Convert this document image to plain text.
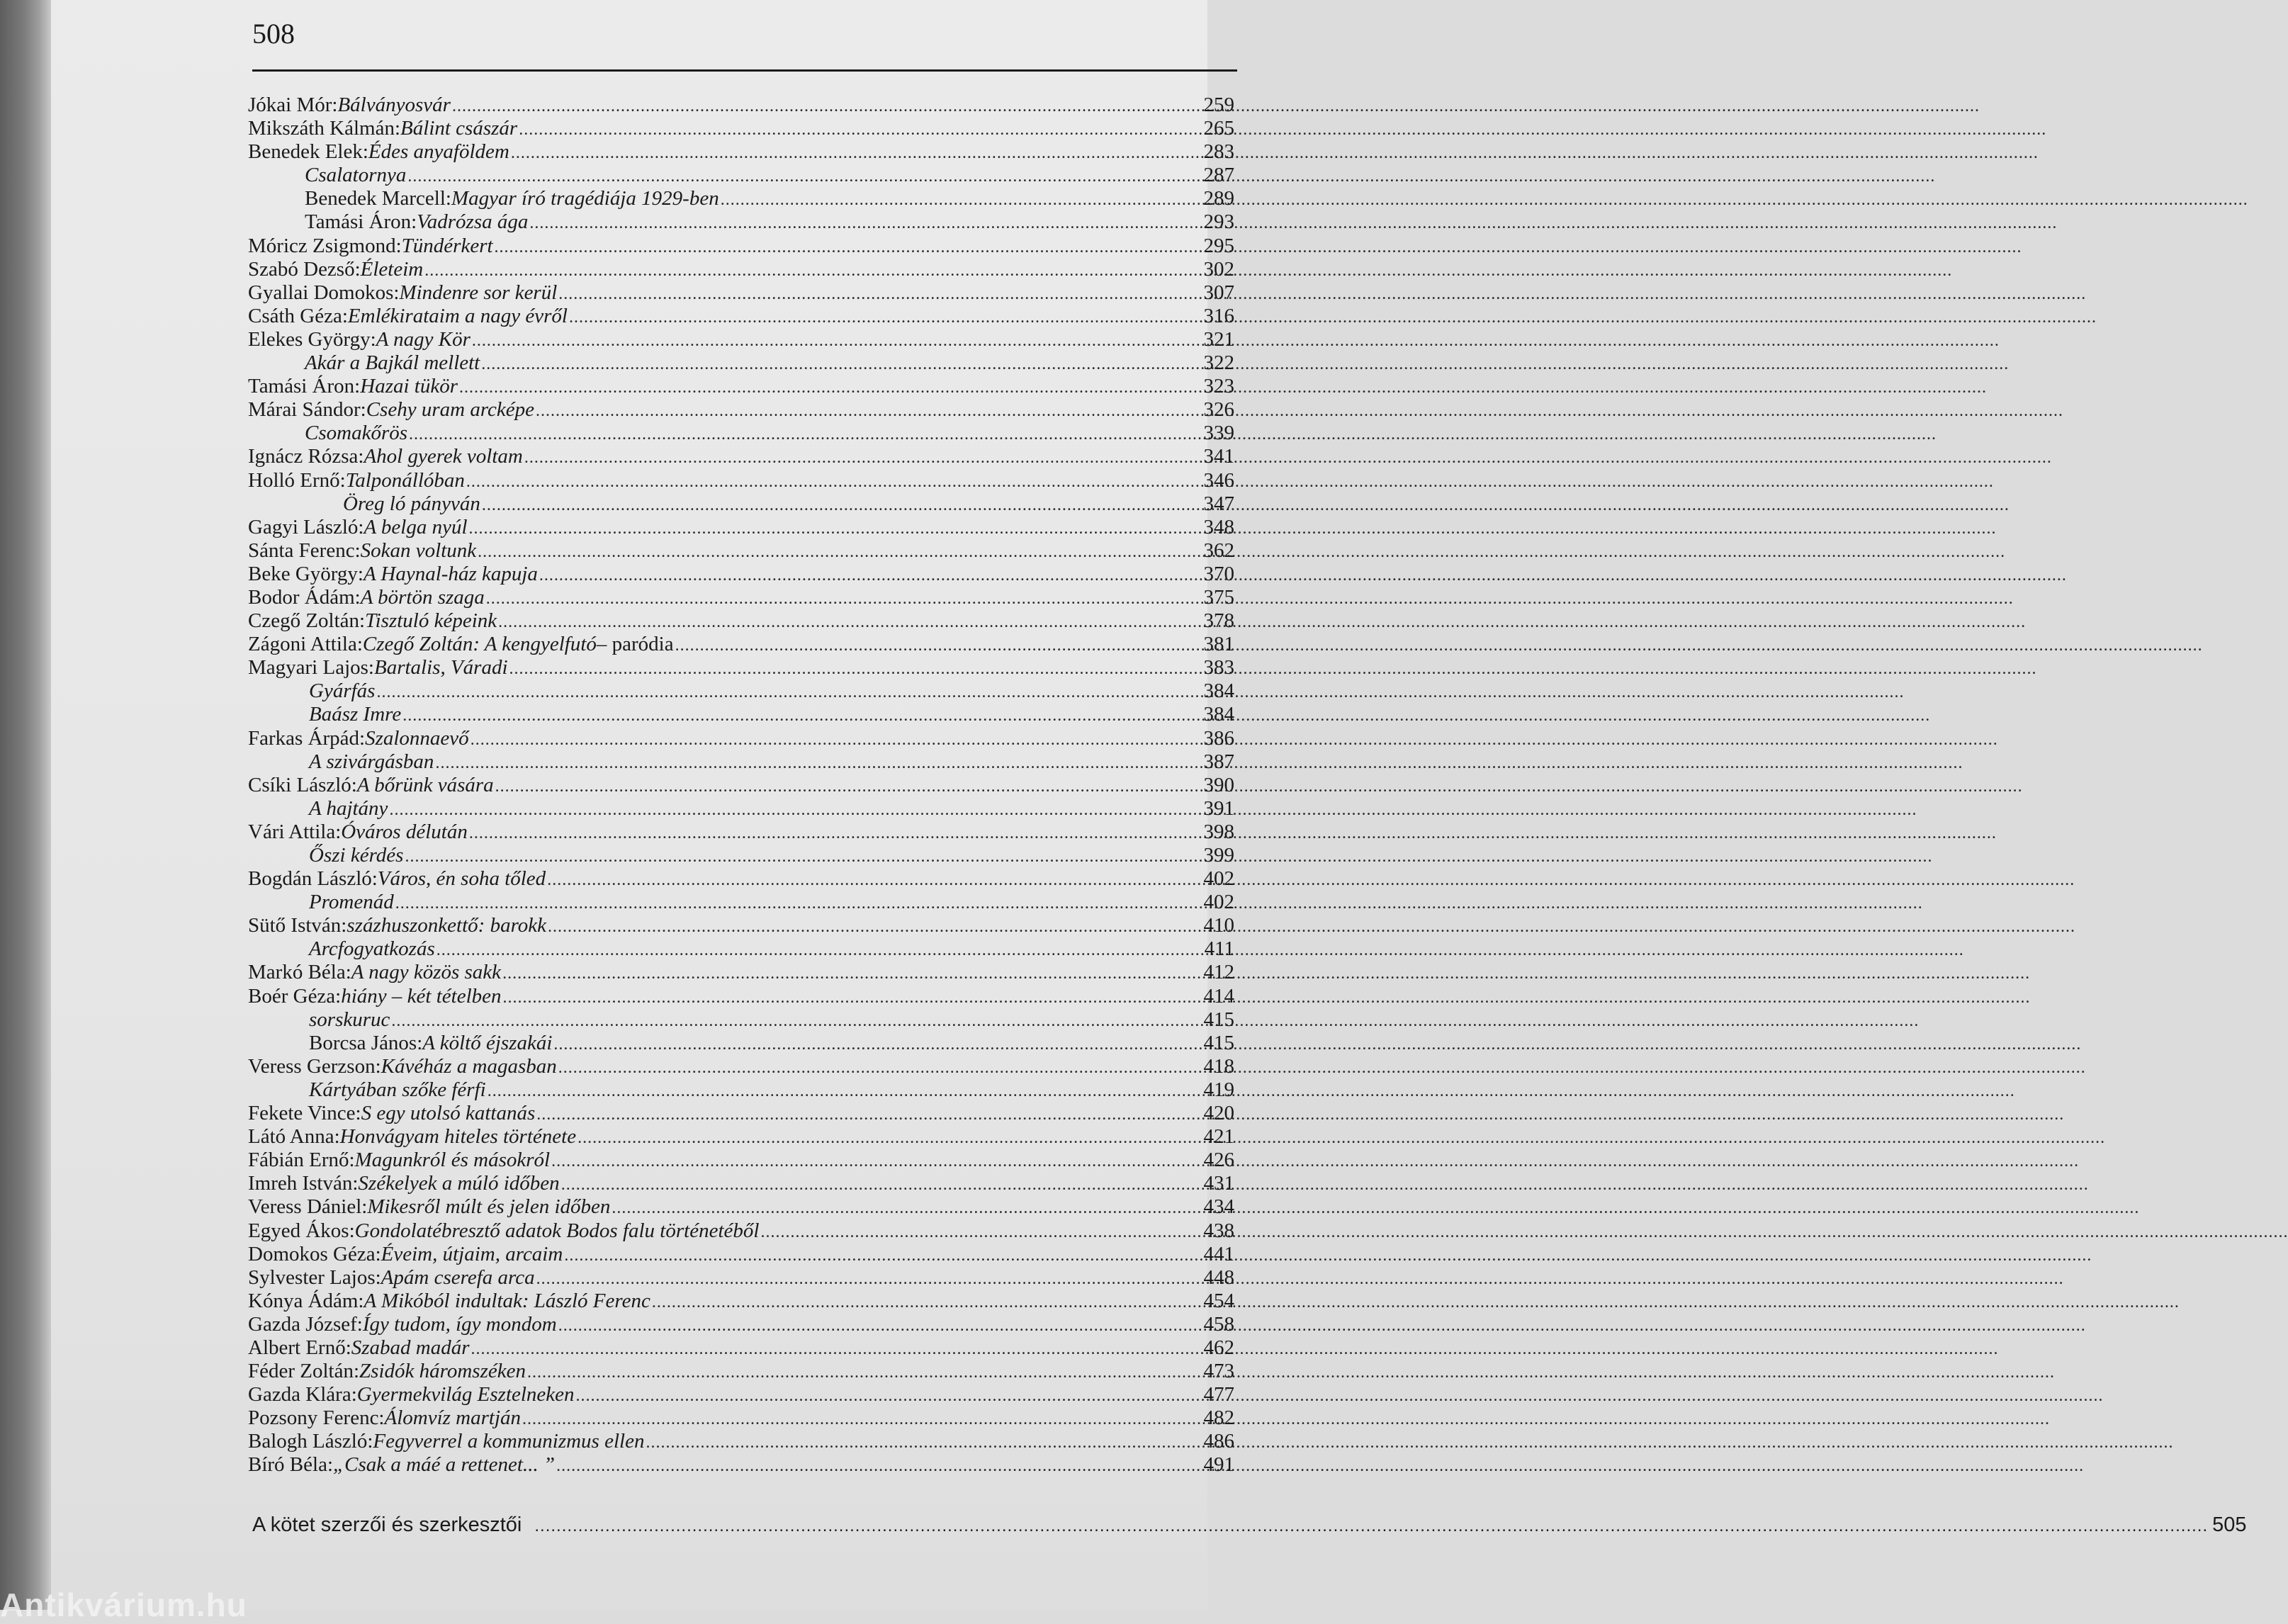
508
Jókai Mór: Bálványosvár .....	259
Mikszáth Kálmán: Bálint császár .....	265
Benedek Elek: Édes anyaföldem .....	283
Csalatornya .....	287
Benedek Marcell: Magyar író tragédiája 1929-ben .....	289
Tamási Áron: Vadrózsa ága .....	293
Móricz Zsigmond: Tündérkert .....	295
Szabó Dezső: Életeim .....	302
Gyallai Domokos: Mindenre sor kerül .....	307
Csáth Géza: Emlékirataim a nagy évről .....	316
Elekes György: A nagy Kör .....	321
Akár a Bajkál mellett .....	322
Tamási Áron: Hazai tükör .....	323
Márai Sándor: Csehy uram arcképe .....	326
Csomakőrös .....	339
Ignácz Rózsa: Ahol gyerek voltam .....	341
Holló Ernő: Talponállóban .....	346
Öreg ló pányván .....	347
Gagyi László: A belga nyúl .....	348
Sánta Ferenc: Sokan voltunk .....	362
Beke György: A Haynal-ház kapuja .....	370
Bodor Ádám: A börtön szaga .....	375
Czegő Zoltán: Tisztuló képeink .....	378
Zágoni Attila: Czegő Zoltán: A kengyelfutó – paródia .....	381
Magyari Lajos: Bartalis, Váradi .....	383
Gyárfás .....	384
Baász Imre .....	384
Farkas Árpád: Szalonnaevő .....	386
A szivárgásban .....	387
Csíki László: A bőrünk vására .....	390
A hajtány .....	391
Vári Attila: Óváros délután .....	398
Őszi kérdés .....	399
Bogdán László: Város, én soha tőled .....	402
Promenád .....	402
Sütő István: százhuszonkettő: barokk .....	410
Arcfogyatkozás .....	411
Markó Béla: A nagy közös sakk .....	412
Boér Géza: hiány – két tételben .....	414
sorskuruc .....	415
Borcsa János: A költő éjszakái .....	415
Veress Gerzson: Kávéház a magasban .....	418
Kártyában szőke férfi .....	419
Fekete Vince: S egy utolsó kattanás .....	420
Látó Anna: Honvágyam hiteles története .....	421
Fábián Ernő: Magunkról és másokról .....	426
Imreh István: Székelyek a múló időben .....	431
Veress Dániel: Mikesről múlt és jelen időben .....	434
Egyed Ákos: Gondolatébresztő adatok Bodos falu történetéből .....	438
Domokos Géza: Éveim, útjaim, arcaim .....	441
Sylvester Lajos: Apám cserefa arca .....	448
Kónya Ádám: A Mikóból indultak: László Ferenc .....	454
Gazda József: Így tudom, így mondom .....	458
Albert Ernő: Szabad madár .....	462
Féder Zoltán: Zsidók háromszéken .....	473
Gazda Klára: Gyermekvilág Esztelneken .....	477
Pozsony Ferenc: Álomvíz martján .....	482
Balogh László: Fegyverrel a kommunizmus ellen .....	486
Bíró Béla: „Csak a máé a rettenet... ” .....	491
A kötet szerzői és szerkesztői .....	505
Antikvárium.hu
